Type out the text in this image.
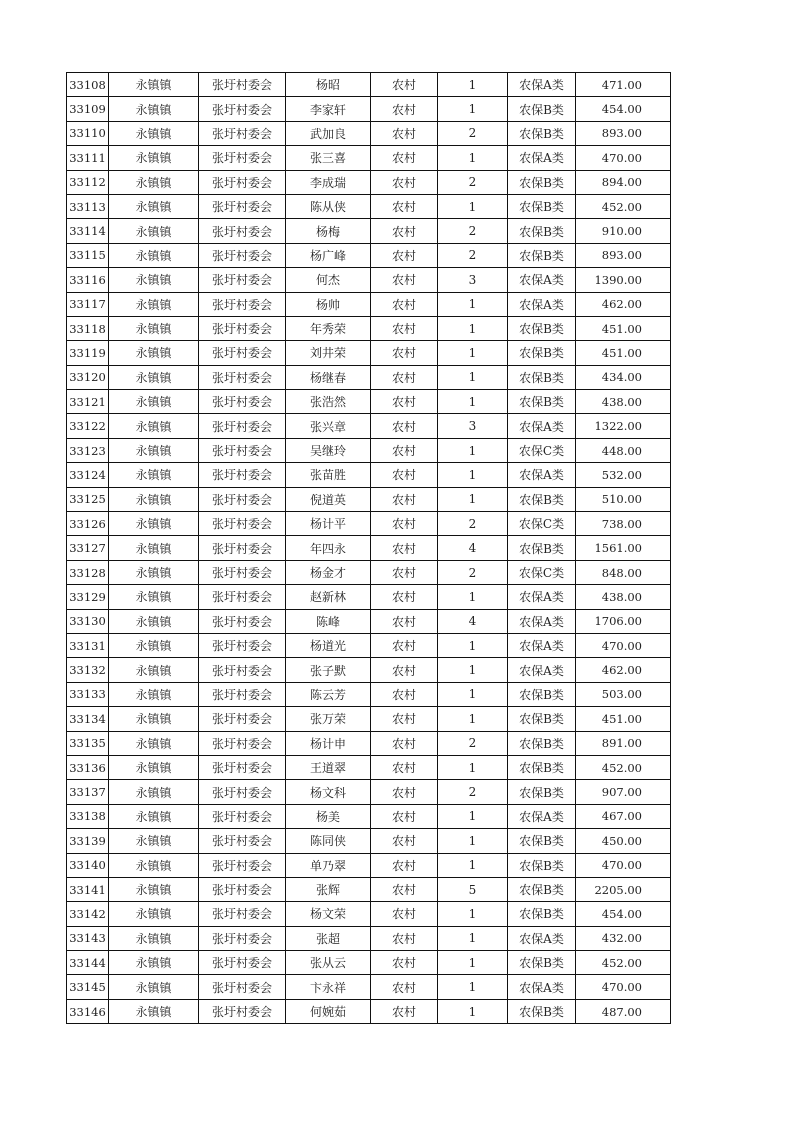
33108	永镇镇	张圩村委会	杨昭	农村	1	农保A类	471.00
33109	永镇镇	张圩村委会	李家轩	农村	1	农保B类	454.00
33110	永镇镇	张圩村委会	武加良	农村	2	农保B类	893.00
33111	永镇镇	张圩村委会	张三喜	农村	1	农保A类	470.00
33112	永镇镇	张圩村委会	李成瑞	农村	2	农保B类	894.00
33113	永镇镇	张圩村委会	陈从侠	农村	1	农保B类	452.00
33114	永镇镇	张圩村委会	杨梅	农村	2	农保B类	910.00
33115	永镇镇	张圩村委会	杨广峰	农村	2	农保B类	893.00
33116	永镇镇	张圩村委会	何杰	农村	3	农保A类	1390.00
33117	永镇镇	张圩村委会	杨帅	农村	1	农保A类	462.00
33118	永镇镇	张圩村委会	年秀荣	农村	1	农保B类	451.00
33119	永镇镇	张圩村委会	刘井荣	农村	1	农保B类	451.00
33120	永镇镇	张圩村委会	杨继春	农村	1	农保B类	434.00
33121	永镇镇	张圩村委会	张浩然	农村	1	农保B类	438.00
33122	永镇镇	张圩村委会	张兴章	农村	3	农保A类	1322.00
33123	永镇镇	张圩村委会	吴继玲	农村	1	农保C类	448.00
33124	永镇镇	张圩村委会	张苗胜	农村	1	农保A类	532.00
33125	永镇镇	张圩村委会	倪道英	农村	1	农保B类	510.00
33126	永镇镇	张圩村委会	杨计平	农村	2	农保C类	738.00
33127	永镇镇	张圩村委会	年四永	农村	4	农保B类	1561.00
33128	永镇镇	张圩村委会	杨金才	农村	2	农保C类	848.00
33129	永镇镇	张圩村委会	赵新林	农村	1	农保A类	438.00
33130	永镇镇	张圩村委会	陈峰	农村	4	农保A类	1706.00
33131	永镇镇	张圩村委会	杨道光	农村	1	农保A类	470.00
33132	永镇镇	张圩村委会	张子默	农村	1	农保A类	462.00
33133	永镇镇	张圩村委会	陈云芳	农村	1	农保B类	503.00
33134	永镇镇	张圩村委会	张万荣	农村	1	农保B类	451.00
33135	永镇镇	张圩村委会	杨计申	农村	2	农保B类	891.00
33136	永镇镇	张圩村委会	王道翠	农村	1	农保B类	452.00
33137	永镇镇	张圩村委会	杨文科	农村	2	农保B类	907.00
33138	永镇镇	张圩村委会	杨美	农村	1	农保A类	467.00
33139	永镇镇	张圩村委会	陈同侠	农村	1	农保B类	450.00
33140	永镇镇	张圩村委会	单乃翠	农村	1	农保B类	470.00
33141	永镇镇	张圩村委会	张辉	农村	5	农保B类	2205.00
33142	永镇镇	张圩村委会	杨文荣	农村	1	农保B类	454.00
33143	永镇镇	张圩村委会	张超	农村	1	农保A类	432.00
33144	永镇镇	张圩村委会	张从云	农村	1	农保B类	452.00
33145	永镇镇	张圩村委会	卞永祥	农村	1	农保A类	470.00
33146	永镇镇	张圩村委会	何婉茹	农村	1	农保B类	487.00
